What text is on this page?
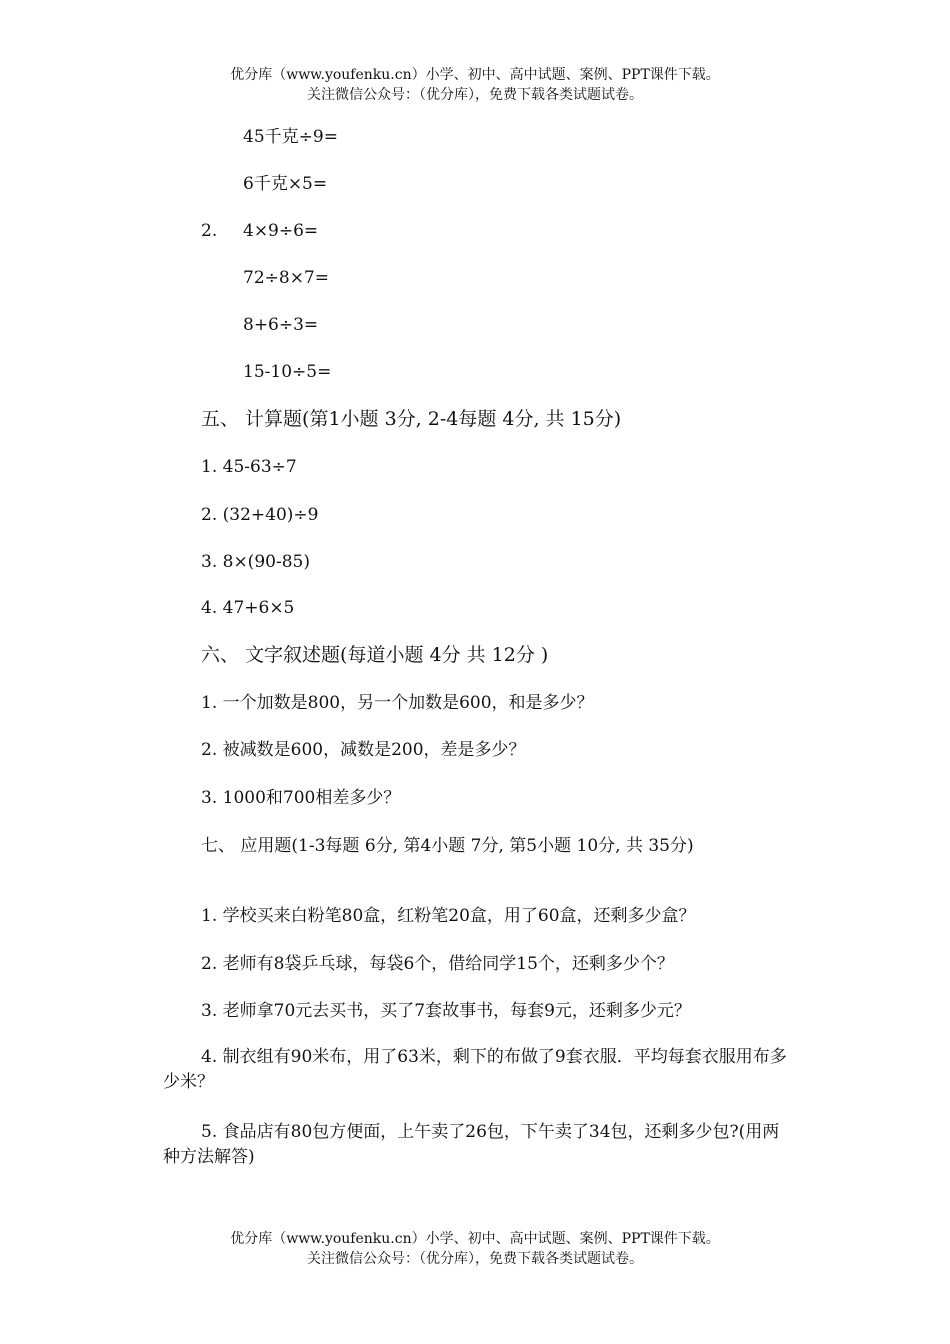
优分库（www.youfenku.cn）小学、初中、高中试题、案例、PPT课件下载。
关注微信公众号：（优分库），免费下载各类试题试卷。
45千克÷9=
6千克×5=
2. 4×9÷6=
72÷8×7=
8+6÷3=
15-10÷5=
五、 计算题(第1小题 3分, 2-4每题 4分, 共 15分)
1. 45-63÷7
2. (32+40)÷9
3. 8×(90-85)
4. 47+6×5
六、 文字叙述题(每道小题 4分 共 12分 )
1. 一个加数是800，另一个加数是600，和是多少？
2. 被减数是600，减数是200，差是多少？
3. 1000和700相差多少？
七、 应用题(1-3每题 6分, 第4小题 7分, 第5小题 10分, 共 35分)
1. 学校买来白粉笔80盒，红粉笔20盒，用了60盒，还剩多少盒？
2. 老师有8袋乒乓球，每袋6个，借给同学15个，还剩多少个？
3. 老师拿70元去买书，买了7套故事书，每套9元，还剩多少元？
4. 制衣组有90米布，用了63米，剩下的布做了9套衣服．平均每套衣服用布多少米？
5. 食品店有80包方便面，上午卖了26包，下午卖了34包，还剩多少包?(用两种方法解答)
优分库（www.youfenku.cn）小学、初中、高中试题、案例、PPT课件下载。
关注微信公众号：（优分库），免费下载各类试题试卷。
